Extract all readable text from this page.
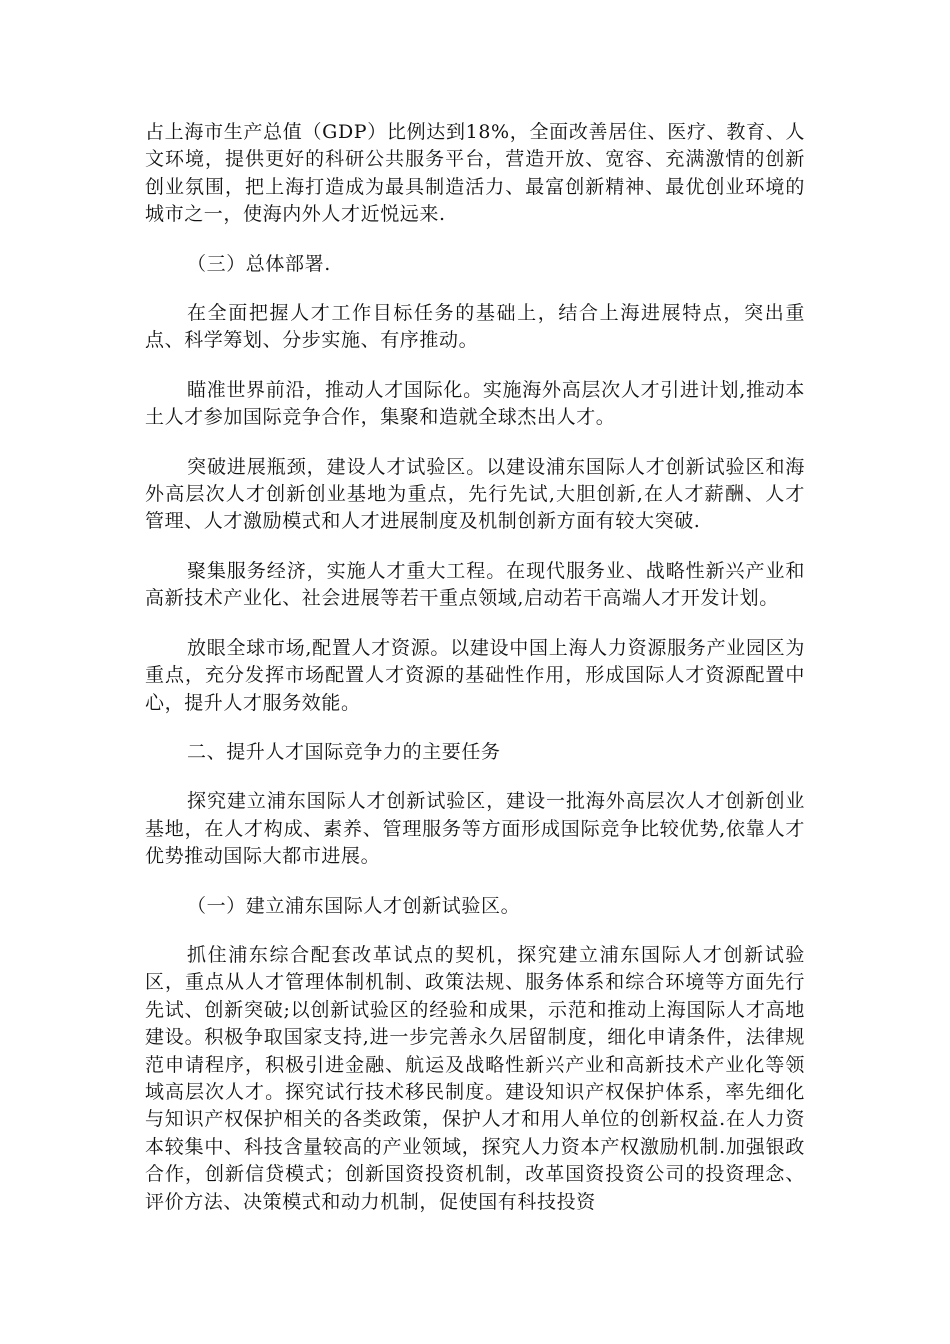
占上海市生产总值（GDP）比例达到18%，全面改善居住、医疗、教育、人文环境，提供更好的科研公共服务平台，营造开放、宽容、充满激情的创新创业氛围，把上海打造成为最具制造活力、最富创新精神、最优创业环境的城市之一，使海内外人才近悦远来.

（三）总体部署.

在全面把握人才工作目标任务的基础上，结合上海进展特点，突出重点、科学筹划、分步实施、有序推动。

瞄准世界前沿，推动人才国际化。实施海外高层次人才引进计划,推动本土人才参加国际竞争合作，集聚和造就全球杰出人才。

突破进展瓶颈，建设人才试验区。以建设浦东国际人才创新试验区和海外高层次人才创新创业基地为重点，先行先试,大胆创新,在人才薪酬、人才管理、人才激励模式和人才进展制度及机制创新方面有较大突破.

聚集服务经济，实施人才重大工程。在现代服务业、战略性新兴产业和高新技术产业化、社会进展等若干重点领域,启动若干高端人才开发计划。

放眼全球市场,配置人才资源。以建设中国上海人力资源服务产业园区为重点，充分发挥市场配置人才资源的基础性作用，形成国际人才资源配置中心，提升人才服务效能。

二、提升人才国际竞争力的主要任务

探究建立浦东国际人才创新试验区，建设一批海外高层次人才创新创业基地，在人才构成、素养、管理服务等方面形成国际竞争比较优势,依靠人才优势推动国际大都市进展。

（一）建立浦东国际人才创新试验区。

抓住浦东综合配套改革试点的契机，探究建立浦东国际人才创新试验区，重点从人才管理体制机制、政策法规、服务体系和综合环境等方面先行先试、创新突破;以创新试验区的经验和成果，示范和推动上海国际人才高地建设。积极争取国家支持,进一步完善永久居留制度，细化申请条件，法律规范申请程序，积极引进金融、航运及战略性新兴产业和高新技术产业化等领域高层次人才。探究试行技术移民制度。建设知识产权保护体系，率先细化与知识产权保护相关的各类政策，保护人才和用人单位的创新权益.在人力资本较集中、科技含量较高的产业领域，探究人力资本产权激励机制.加强银政合作，创新信贷模式；创新国资投资机制，改革国资投资公司的投资理念、评价方法、决策模式和动力机制，促使国有科技投资
